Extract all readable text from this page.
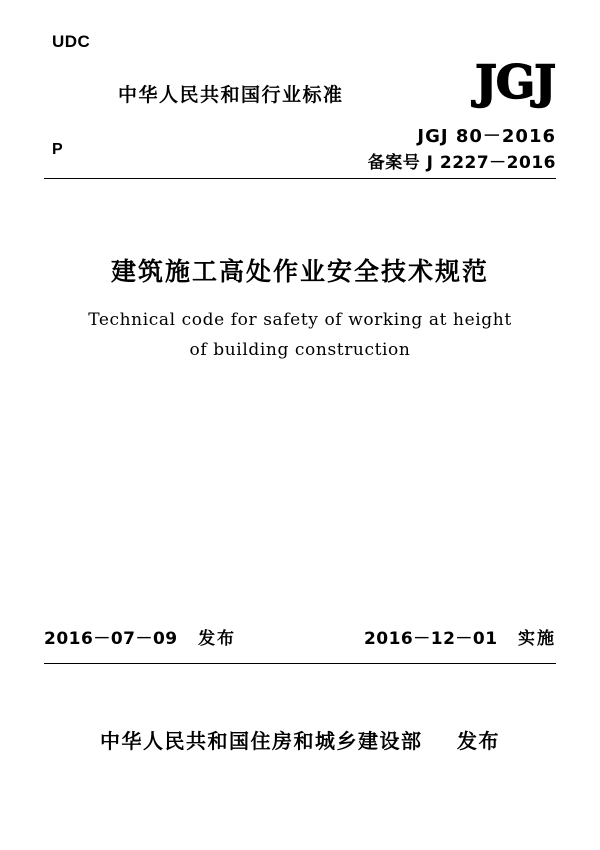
UDC
中华人民共和国行业标准	JGJ
P
JGJ 80－2016
备案号 J 2227－2016
建筑施工高处作业安全技术规范
Technical code for safety of working at height
of building construction
2016－07－09 发布	2016－12－01 实施
中华人民共和国住房和城乡建设部 发布
